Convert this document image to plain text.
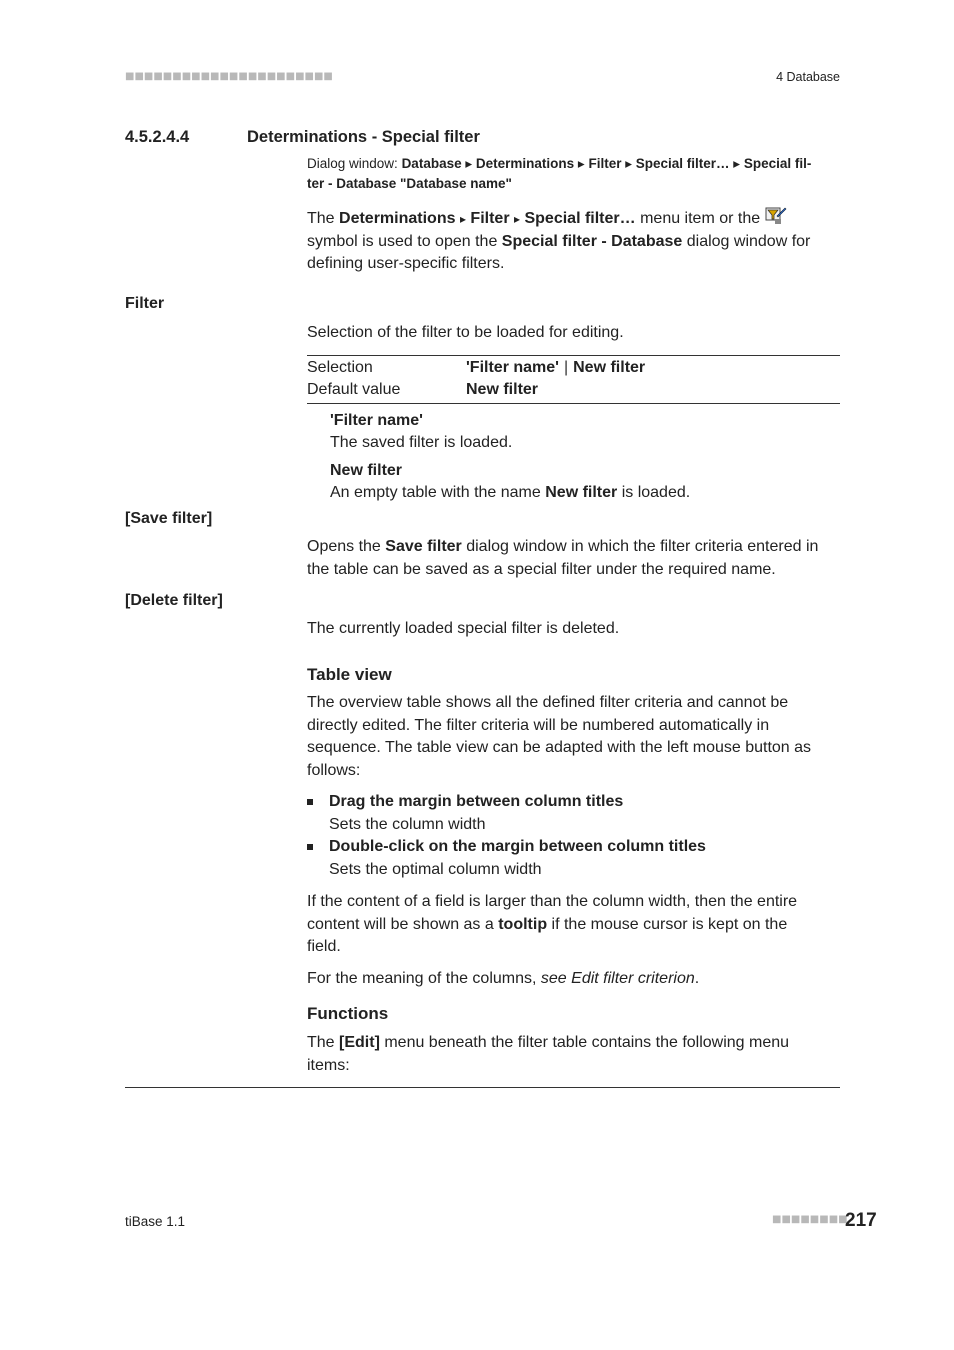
■■■■■■■■■■■■■■■■■■■■■■	4 Database
4.5.2.4.4	Determinations - Special filter
Dialog window: Database ▸ Determinations ▸ Filter ▸ Special filter… ▸ Special fil-
ter - Database "Database name"
The Determinations ▸ Filter ▸ Special filter… menu item or the
symbol is used to open the Special filter - Database dialog window for
defining user-specific filters.
Filter
Selection of the filter to be loaded for editing.
Selection	'Filter name' | New filter
Default value	New filter
'Filter name'
The saved filter is loaded.
New filter
An empty table with the name New filter is loaded.
[Save filter]
Opens the Save filter dialog window in which the filter criteria entered in
the table can be saved as a special filter under the required name.
[Delete filter]
The currently loaded special filter is deleted.
Table view
The overview table shows all the defined filter criteria and cannot be
directly edited. The filter criteria will be numbered automatically in
sequence. The table view can be adapted with the left mouse button as
follows:
Drag the margin between column titles
Sets the column width
Double-click on the margin between column titles
Sets the optimal column width
If the content of a field is larger than the column width, then the entire
content will be shown as a tooltip if the mouse cursor is kept on the
field.
For the meaning of the columns, see Edit filter criterion.
Functions
The [Edit] menu beneath the filter table contains the following menu
items:
tiBase 1.1	■■■■■■■■
217
